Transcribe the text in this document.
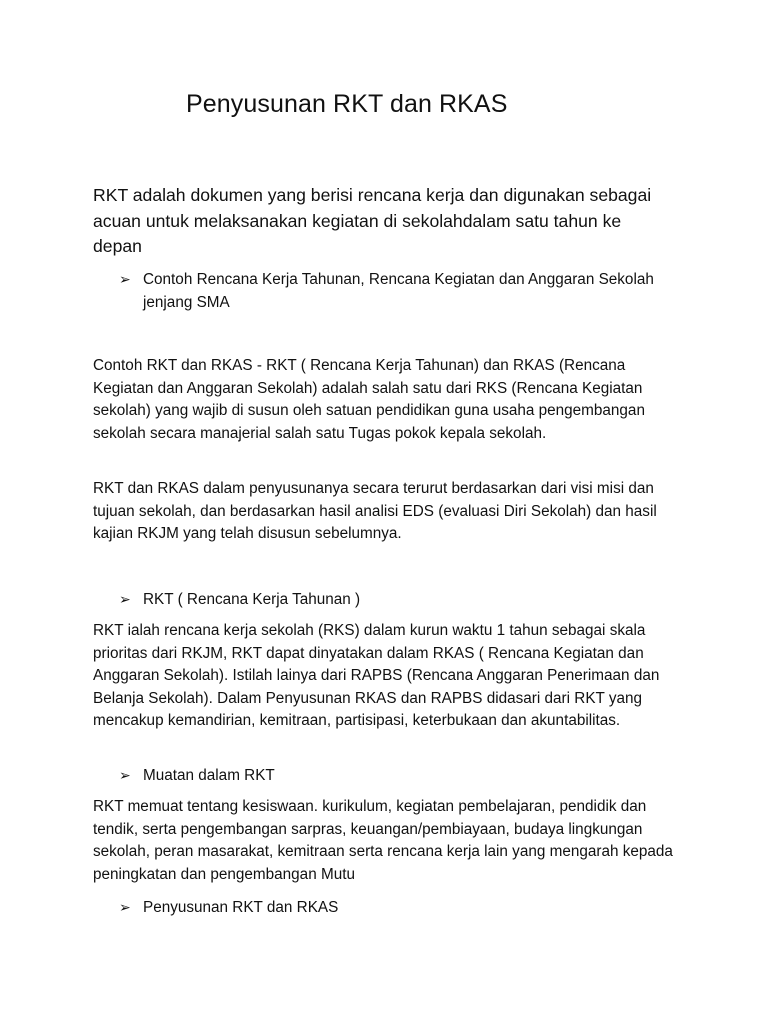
Penyusunan RKT dan RKAS

RKT adalah dokumen yang berisi rencana kerja dan digunakan sebagai acuan untuk melaksanakan kegiatan di sekolahdalam satu tahun ke depan

➢ Contoh Rencana Kerja Tahunan, Rencana Kegiatan dan Anggaran Sekolah jenjang SMA

Contoh RKT dan RKAS - RKT ( Rencana Kerja Tahunan) dan RKAS (Rencana Kegiatan dan Anggaran Sekolah) adalah salah satu dari RKS (Rencana Kegiatan sekolah) yang wajib di susun oleh satuan pendidikan guna usaha pengembangan sekolah secara manajerial salah satu Tugas pokok kepala sekolah.

RKT dan RKAS dalam penyusunanya secara terurut berdasarkan dari visi misi dan tujuan sekolah, dan berdasarkan hasil analisi EDS (evaluasi Diri Sekolah) dan hasil kajian RKJM yang telah disusun sebelumnya.

➢ RKT ( Rencana Kerja Tahunan )

RKT ialah rencana kerja sekolah (RKS) dalam kurun waktu 1 tahun sebagai skala prioritas dari RKJM, RKT dapat dinyatakan dalam RKAS ( Rencana Kegiatan dan Anggaran Sekolah). Istilah lainya dari RAPBS (Rencana Anggaran Penerimaan dan Belanja Sekolah). Dalam Penyusunan RKAS dan RAPBS didasari dari RKT yang mencakup kemandirian, kemitraan, partisipasi, keterbukaan dan akuntabilitas.

➢ Muatan dalam RKT

RKT memuat tentang kesiswaan. kurikulum, kegiatan pembelajaran, pendidik dan tendik, serta pengembangan sarpras, keuangan/pembiayaan, budaya lingkungan sekolah, peran masarakat, kemitraan serta rencana kerja lain yang mengarah kepada peningkatan dan pengembangan Mutu

➢ Penyusunan RKT dan RKAS
